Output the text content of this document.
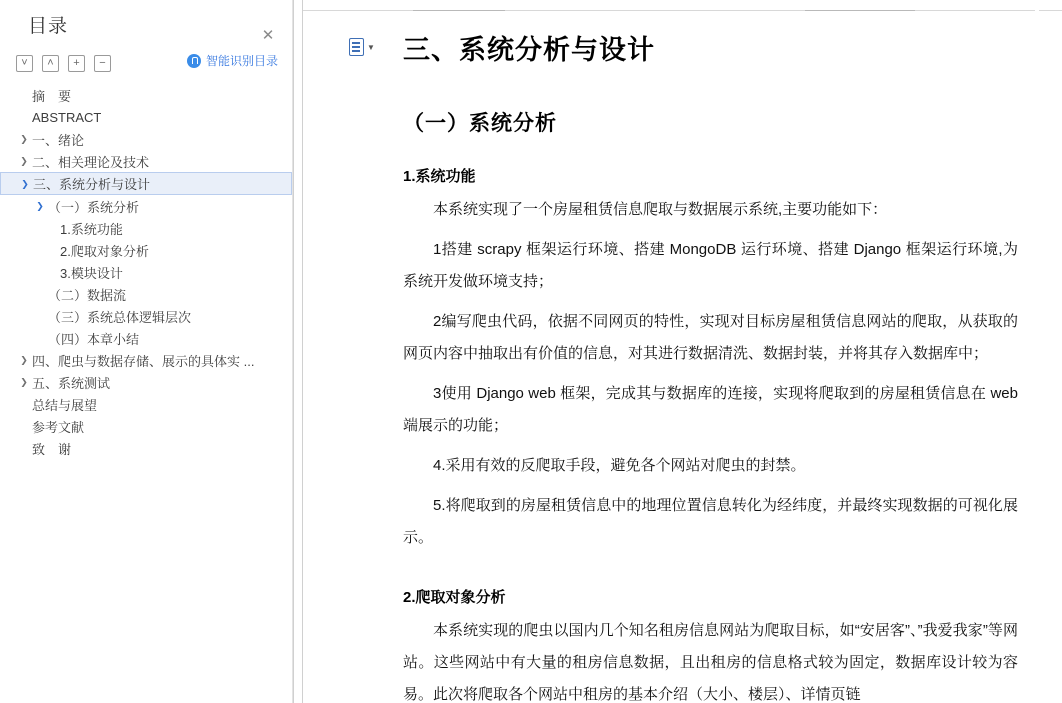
目录	✕
˅	˄	+	−	智能识别目录
摘　要
ABSTRACT
❯ 一、绪论
❯ 二、相关理论及技术
❯ 三、系统分析与设计
❯ （一）系统分析
1.系统功能
2.爬取对象分析
3.模块设计
（二）数据流
（三）系统总体逻辑层次
（四）本章小结
❯ 四、爬虫与数据存储、展示的具体实 ...
❯ 五、系统测试
总结与展望
参考文献
致　谢
▼ 三、系统分析与设计
（一）系统分析
1.系统功能

本系统实现了一个房屋租赁信息爬取与数据展示系统,主要功能如下：

1搭建 scrapy 框架运行环境、搭建 MongoDB 运行环境、搭建 Django 框架运行环境,为系统开发做环境支持；

2编写爬虫代码，依据不同网页的特性，实现对目标房屋租赁信息网站的爬取，从获取的网页内容中抽取出有价值的信息，对其进行数据清洗、数据封装，并将其存入数据库中；

3使用 Django web 框架，完成其与数据库的连接，实现将爬取到的房屋租赁信息在 web 端展示的功能；

4.采用有效的反爬取手段，避免各个网站对爬虫的封禁。

5.将爬取到的房屋租赁信息中的地理位置信息转化为经纬度，并最终实现数据的可视化展示。

2.爬取对象分析

本系统实现的爬虫以国内几个知名租房信息网站为爬取目标，如“安居客”、”我爱我家”等网站。这些网站中有大量的租房信息数据，且出租房的信息格式较为固定，数据库设计较为容易。此次将爬取各个网站中租房的基本介绍（大小、楼层）、详情页链
